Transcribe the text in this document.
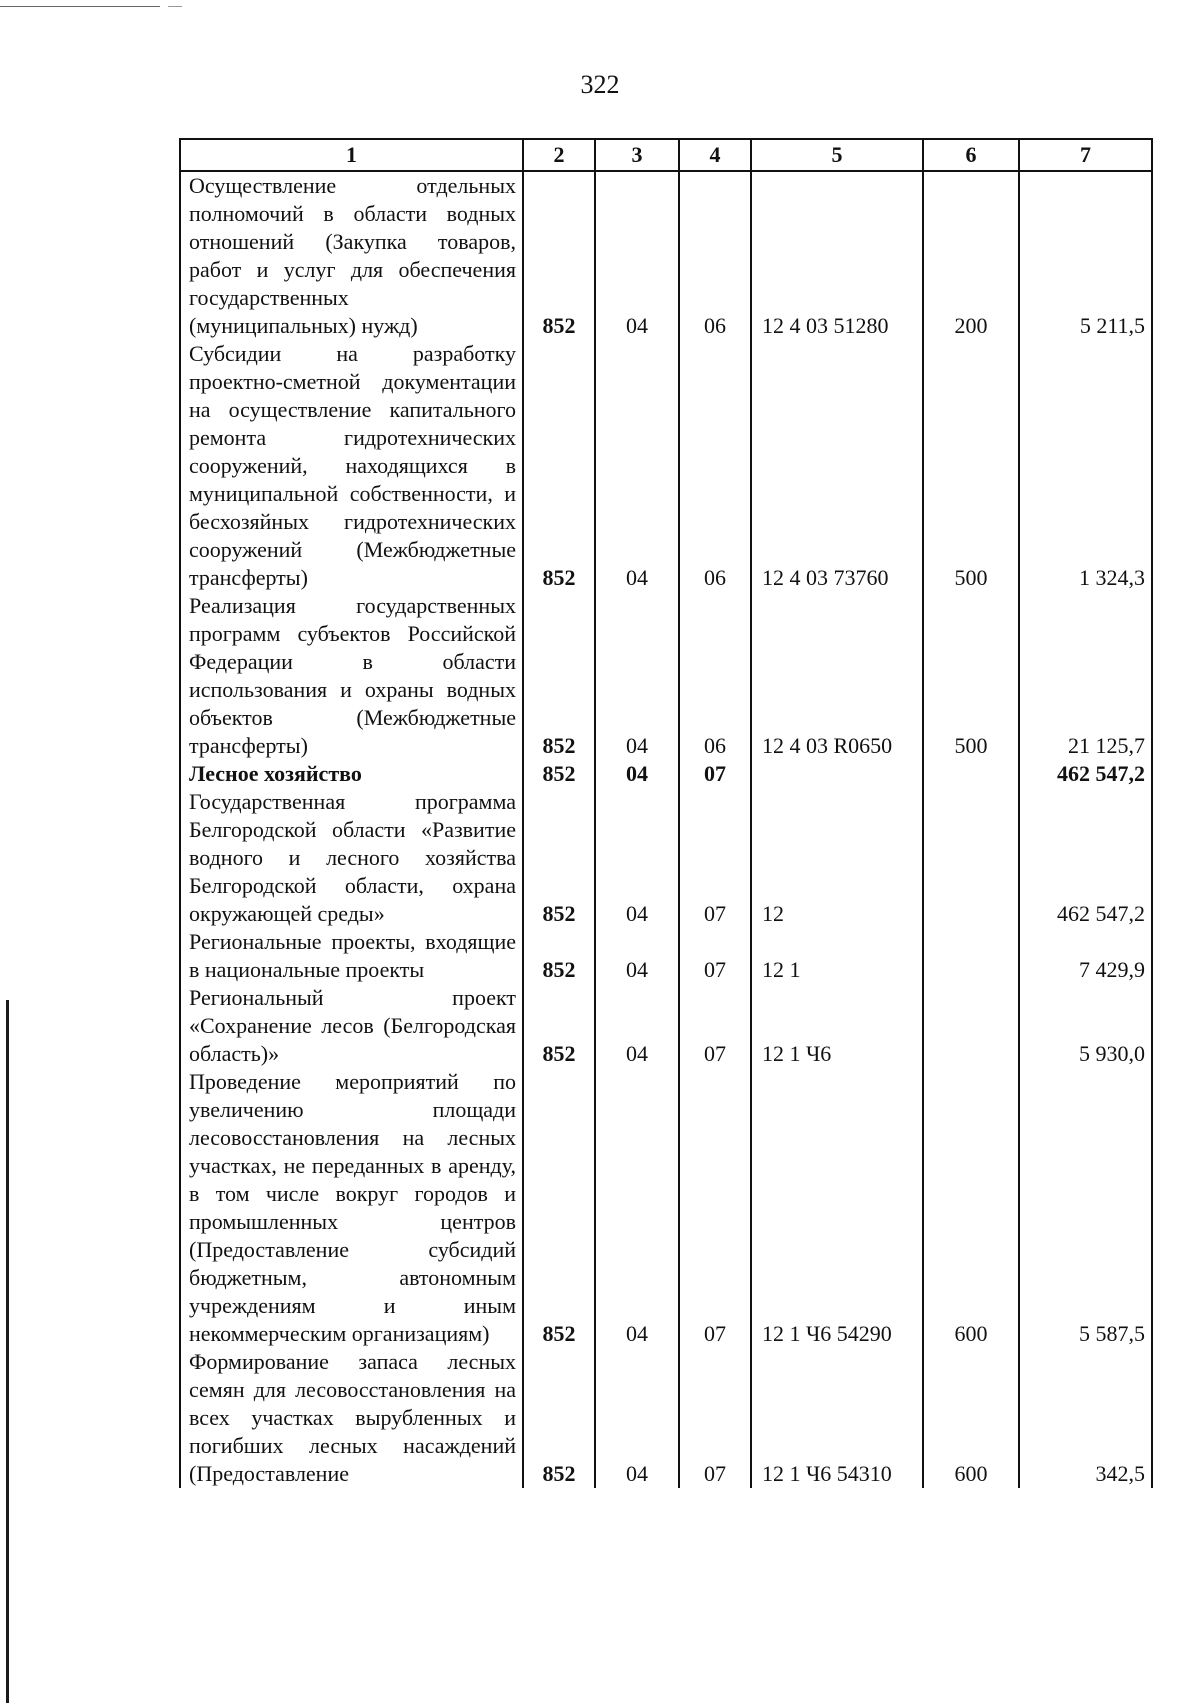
322
1	2	3	4	5	6	7
Осуществление отдельных полномочий в области водных отношений (Закупка товаров, работ и услуг для обеспечения государственных (муниципальных) нужд)	852	04	06	12 4 03 51280	200	5 211,5
Субсидии на разработку проектно-сметной документации на осуществление капитального ремонта гидротехнических сооружений, находящихся в муниципальной собственности, и бесхозяйных гидротехнических сооружений (Межбюджетные трансферты)	852	04	06	12 4 03 73760	500	1 324,3
Реализация государственных программ субъектов Российской Федерации в области использования и охраны водных объектов (Межбюджетные трансферты)	852	04	06	12 4 03 R0650	500	21 125,7
Лесное хозяйство	852	04	07			462 547,2
Государственная программа Белгородской области «Развитие водного и лесного хозяйства Белгородской области, охрана окружающей среды»	852	04	07	12		462 547,2
Региональные проекты, входящие в национальные проекты	852	04	07	12 1		7 429,9
Региональный проект «Сохранение лесов (Белгородская область)»	852	04	07	12 1 Ч6		5 930,0
Проведение мероприятий по увеличению площади лесовосстановления на лесных участках, не переданных в аренду, в том числе вокруг городов и промышленных центров (Предоставление субсидий бюджетным, автономным учреждениям и иным некоммерческим организациям)	852	04	07	12 1 Ч6 54290	600	5 587,5
Формирование запаса лесных семян для лесовосстановления на всех участках вырубленных и погибших лесных насаждений (Предоставление	852	04	07	12 1 Ч6 54310	600	342,5
